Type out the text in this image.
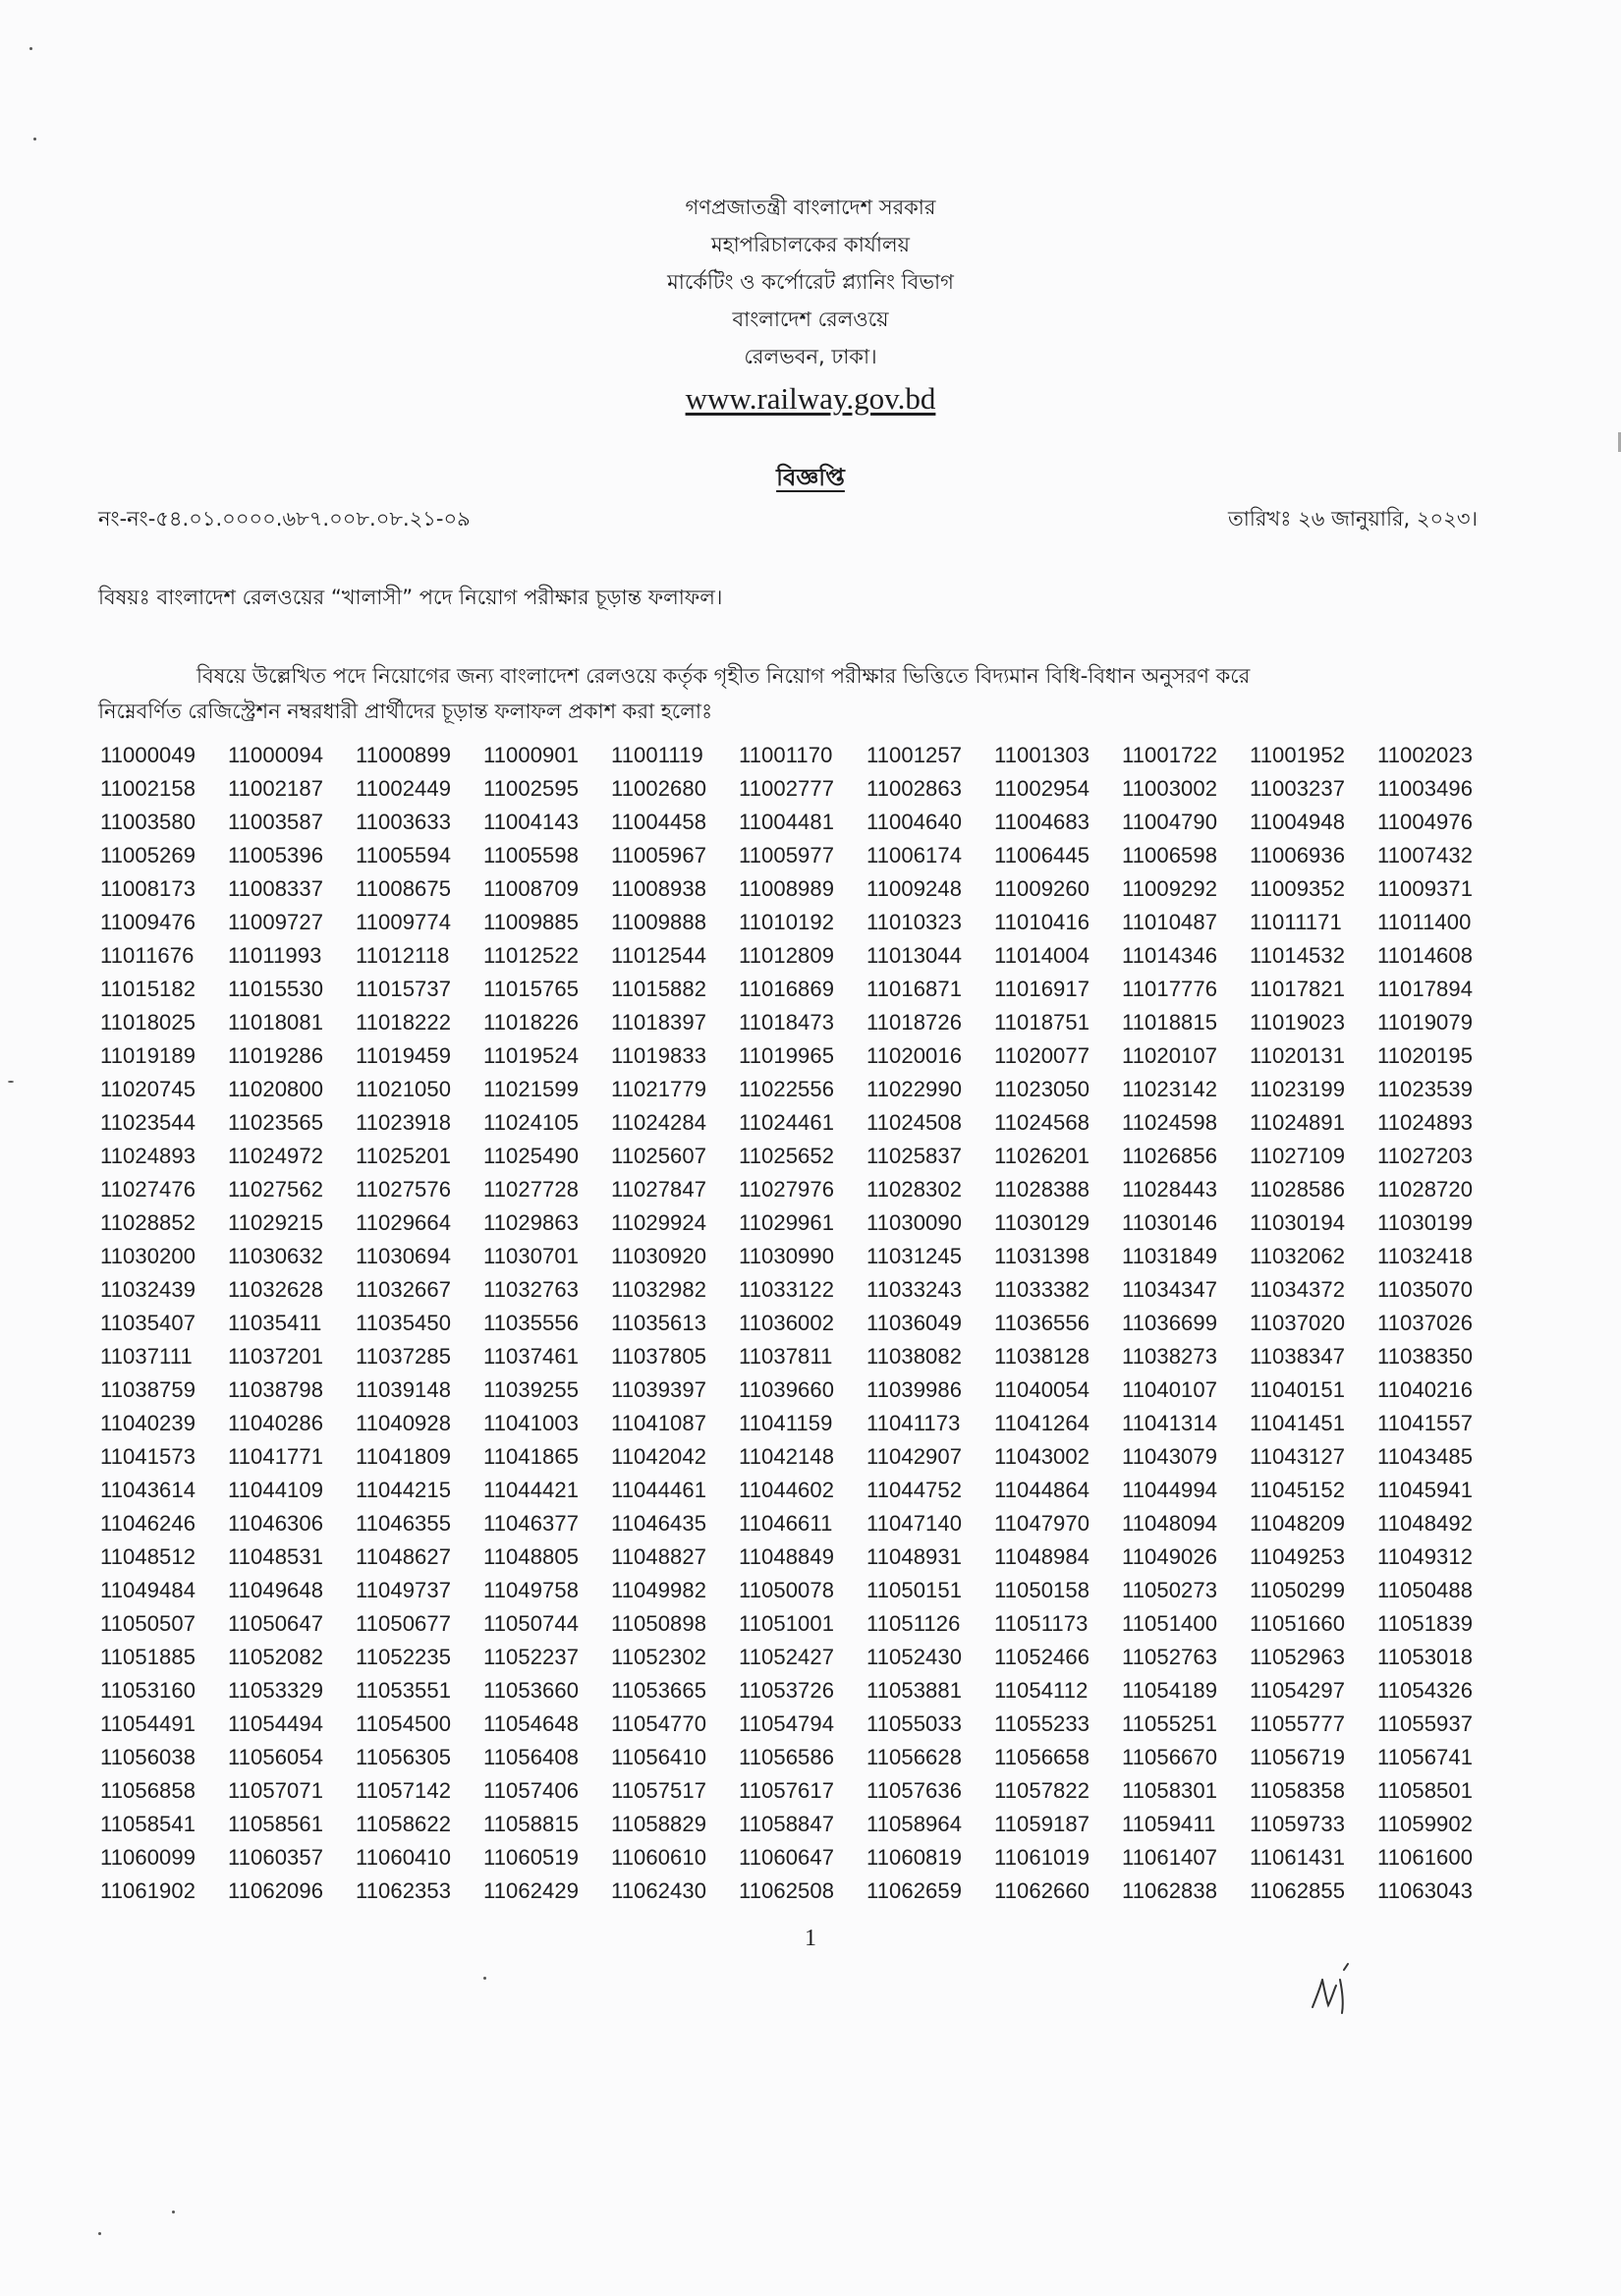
গণপ্রজাতন্ত্রী বাংলাদেশ সরকার
মহাপরিচালকের কার্যালয়
মার্কেটিং ও কর্পোরেট প্ল্যানিং বিভাগ
বাংলাদেশ রেলওয়ে
রেলভবন, ঢাকা।
www.railway.gov.bd
বিজ্ঞপ্তি
নং-নং-৫৪.০১.০০০০.৬৮৭.০০৮.০৮.২১-০৯	তারিখঃ ২৬ জানুয়ারি, ২০২৩।
বিষয়ঃ বাংলাদেশ রেলওয়ের “খালাসী” পদে নিয়োগ পরীক্ষার চূড়ান্ত ফলাফল।
বিষয়ে উল্লেখিত পদে নিয়োগের জন্য বাংলাদেশ রেলওয়ে কর্তৃক গৃহীত নিয়োগ পরীক্ষার ভিত্তিতে বিদ্যমান বিধি-বিধান অনুসরণ করে
নিম্নেবর্ণিত রেজিস্ট্রেশন নম্বরধারী প্রার্থীদের চূড়ান্ত ফলাফল প্রকাশ করা হলোঃ
11000049	11000094	11000899	11000901	11001119	11001170	11001257	11001303	11001722	11001952	11002023
11002158	11002187	11002449	11002595	11002680	11002777	11002863	11002954	11003002	11003237	11003496
11003580	11003587	11003633	11004143	11004458	11004481	11004640	11004683	11004790	11004948	11004976
11005269	11005396	11005594	11005598	11005967	11005977	11006174	11006445	11006598	11006936	11007432
11008173	11008337	11008675	11008709	11008938	11008989	11009248	11009260	11009292	11009352	11009371
11009476	11009727	11009774	11009885	11009888	11010192	11010323	11010416	11010487	11011171	11011400
11011676	11011993	11012118	11012522	11012544	11012809	11013044	11014004	11014346	11014532	11014608
11015182	11015530	11015737	11015765	11015882	11016869	11016871	11016917	11017776	11017821	11017894
11018025	11018081	11018222	11018226	11018397	11018473	11018726	11018751	11018815	11019023	11019079
11019189	11019286	11019459	11019524	11019833	11019965	11020016	11020077	11020107	11020131	11020195
11020745	11020800	11021050	11021599	11021779	11022556	11022990	11023050	11023142	11023199	11023539
11023544	11023565	11023918	11024105	11024284	11024461	11024508	11024568	11024598	11024891	11024893
11024893	11024972	11025201	11025490	11025607	11025652	11025837	11026201	11026856	11027109	11027203
11027476	11027562	11027576	11027728	11027847	11027976	11028302	11028388	11028443	11028586	11028720
11028852	11029215	11029664	11029863	11029924	11029961	11030090	11030129	11030146	11030194	11030199
11030200	11030632	11030694	11030701	11030920	11030990	11031245	11031398	11031849	11032062	11032418
11032439	11032628	11032667	11032763	11032982	11033122	11033243	11033382	11034347	11034372	11035070
11035407	11035411	11035450	11035556	11035613	11036002	11036049	11036556	11036699	11037020	11037026
11037111	11037201	11037285	11037461	11037805	11037811	11038082	11038128	11038273	11038347	11038350
11038759	11038798	11039148	11039255	11039397	11039660	11039986	11040054	11040107	11040151	11040216
11040239	11040286	11040928	11041003	11041087	11041159	11041173	11041264	11041314	11041451	11041557
11041573	11041771	11041809	11041865	11042042	11042148	11042907	11043002	11043079	11043127	11043485
11043614	11044109	11044215	11044421	11044461	11044602	11044752	11044864	11044994	11045152	11045941
11046246	11046306	11046355	11046377	11046435	11046611	11047140	11047970	11048094	11048209	11048492
11048512	11048531	11048627	11048805	11048827	11048849	11048931	11048984	11049026	11049253	11049312
11049484	11049648	11049737	11049758	11049982	11050078	11050151	11050158	11050273	11050299	11050488
11050507	11050647	11050677	11050744	11050898	11051001	11051126	11051173	11051400	11051660	11051839
11051885	11052082	11052235	11052237	11052302	11052427	11052430	11052466	11052763	11052963	11053018
11053160	11053329	11053551	11053660	11053665	11053726	11053881	11054112	11054189	11054297	11054326
11054491	11054494	11054500	11054648	11054770	11054794	11055033	11055233	11055251	11055777	11055937
11056038	11056054	11056305	11056408	11056410	11056586	11056628	11056658	11056670	11056719	11056741
11056858	11057071	11057142	11057406	11057517	11057617	11057636	11057822	11058301	11058358	11058501
11058541	11058561	11058622	11058815	11058829	11058847	11058964	11059187	11059411	11059733	11059902
11060099	11060357	11060410	11060519	11060610	11060647	11060819	11061019	11061407	11061431	11061600
11061902	11062096	11062353	11062429	11062430	11062508	11062659	11062660	11062838	11062855	11063043
1
